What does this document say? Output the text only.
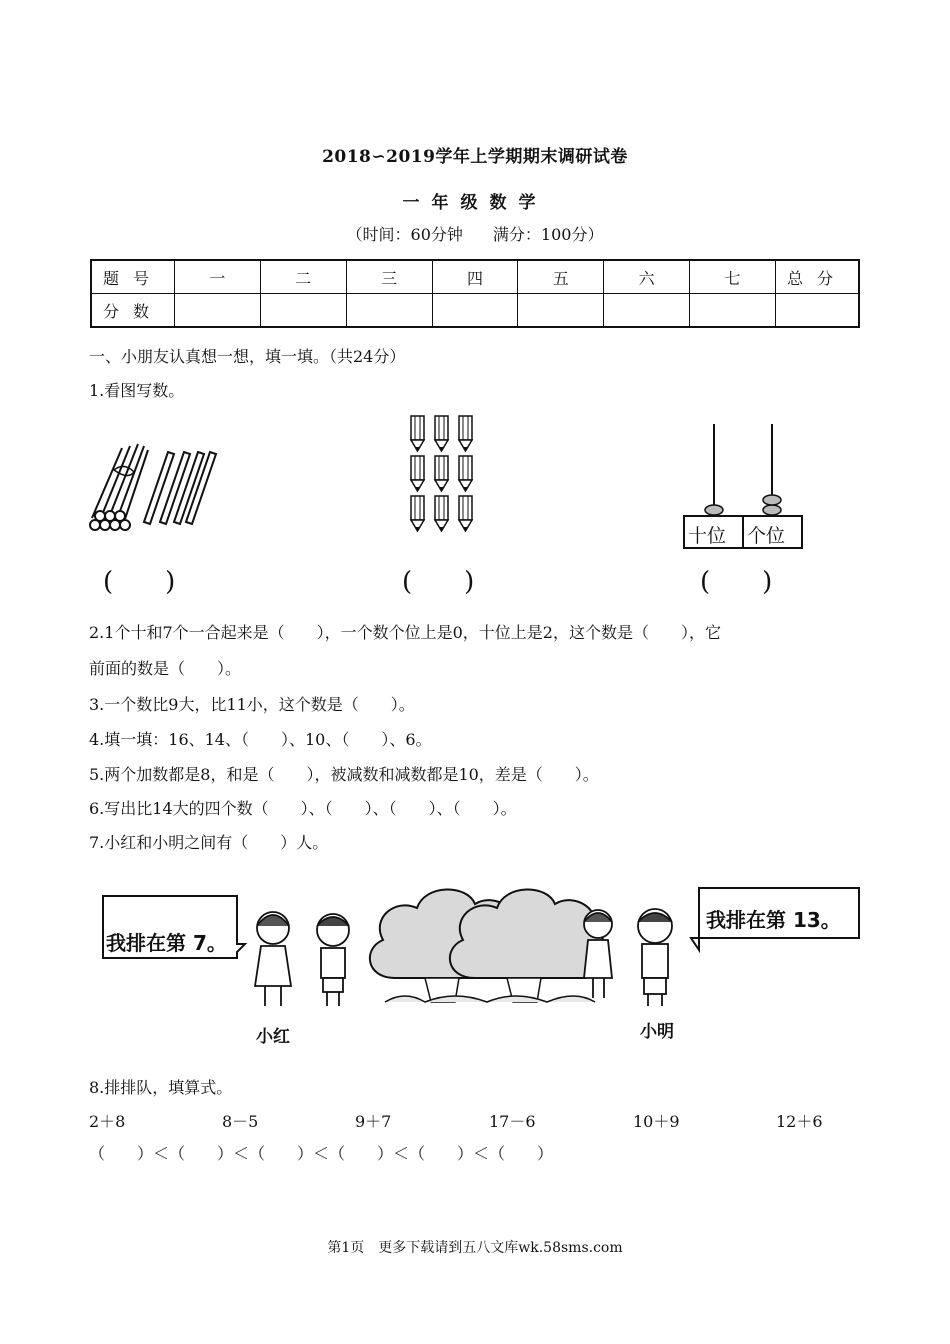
2018∽2019学年上学期期末调研试卷
一年级数学
（时间：60分钟 满分：100分）
题号	一	二	三	四	五	六	七	总分
分数								
一、小朋友认真想一想，填一填。（共24分）
1.看图写数。
(　　)	(　　)
十位 个位
(　　)
2.1个十和7个一合起来是（　　），一个数个位上是0，十位上是2，这个数是（　　），它
前面的数是（　　）。
3.一个数比9大，比11小，这个数是（　　）。
4.填一填：16、14、（　　）、10、（　　）、6。
5.两个加数都是8，和是（　　），被减数和减数都是10，差是（　　）。
6.写出比14大的四个数（　　）、（　　）、（　　）、（　　）。
7.小红和小明之间有（　　）人。
我排在第 7。
我排在第 13。
小红	小明
8.排排队，填算式。
2＋8	8－5	9＋7	17－6	10＋9	12＋6
（　　）＜（　　）＜（　　）＜（　　）＜（　　）＜（　　）
第1页　更多下载请到五八文库wk.58sms.com
